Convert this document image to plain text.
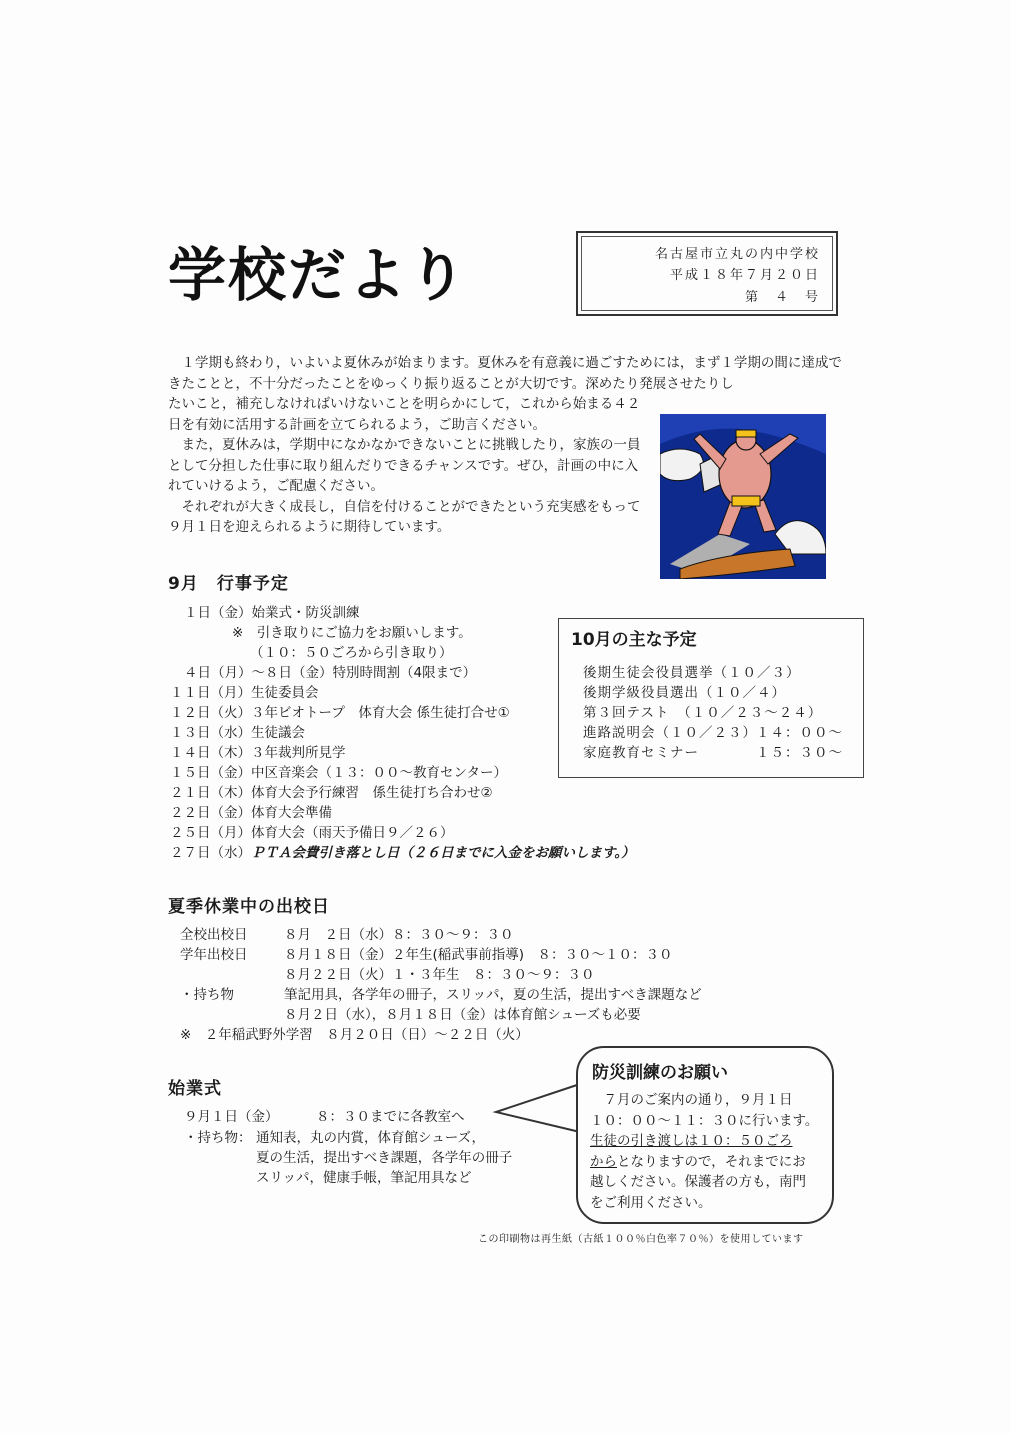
学校だより	名古屋市立丸の内中学校
平成１８年７月２０日
第　４　号

１学期も終わり，いよいよ夏休みが始まります。夏休みを有意義に過ごすためには，まず１学期の間に達成できたことと，不十分だったことをゆっくり振り返ることが大切です。深めたり発展させたりし

たいこと，補充しなければいけないことを明らかにして，これから始まる４２日を有効に活用する計画を立てられるよう，ご助言ください。

また，夏休みは，学期中になかなかできないことに挑戦したり，家族の一員として分担した仕事に取り組んだりできるチャンスです。ぜひ，計画の中に入れていけるよう，ご配慮ください。

それぞれが大きく成長し，自信を付けることができたという充実感をもって９月１日を迎えられるように期待しています。

9月　行事予定
１日（金）始業式・防災訓練
※　引き取りにご協力をお願いします。
（１０：５０ごろから引き取り）
４日（月）～８日（金）特別時間割（4限まで）
１１日（月）生徒委員会
１２日（火）３年ビオトープ　体育大会 係生徒打合せ①
１３日（水）生徒議会
１４日（木）３年裁判所見学
１５日（金）中区音楽会（１３：００～教育センター）
２１日（木）体育大会予行練習　係生徒打ち合わせ②
２２日（金）体育大会準備
２５日（月）体育大会（雨天予備日９／２６）
２７日（水）ＰＴＡ会費引き落とし日（２６日までに入金をお願いします。）
10月の主な予定
後期生徒会役員選挙（１０／３）
後期学級役員選出（１０／４）
第３回テスト　（１０／２３～２４）
進路説明会（１０／２３） １４：００～
家庭教育セミナー	１５：３０～
夏季休業中の出校日
全校出校日	８月　２日（水）８：３０～９：３０
学年出校日	８月１８日（金）２年生(稲武事前指導)　８：３０～１０：３０
８月２２日（火）１・３年生　８：３０～９：３０
・持ち物	筆記用具，各学年の冊子，スリッパ，夏の生活，提出すべき課題など
８月２日（水），８月１８日（金）は体育館シューズも必要
※　２年稲武野外学習　８月２０日（日）～２２日（火）
始業式
９月１日（金）	８：３０までに各教室へ
・持ち物： 通知表，丸の内賞，体育館シューズ，
夏の生活，提出すべき課題，各学年の冊子
スリッパ，健康手帳，筆記用具など
防災訓練のお願い
７月のご案内の通り，９月１日
１０：００～１１：３０に行います。
生徒の引き渡しは１０：５０ごろ
からとなりますので，それまでにお
越しください。保護者の方も，南門
をご利用ください。
この印刷物は再生紙（古紙１００％白色率７０％）を使用しています
